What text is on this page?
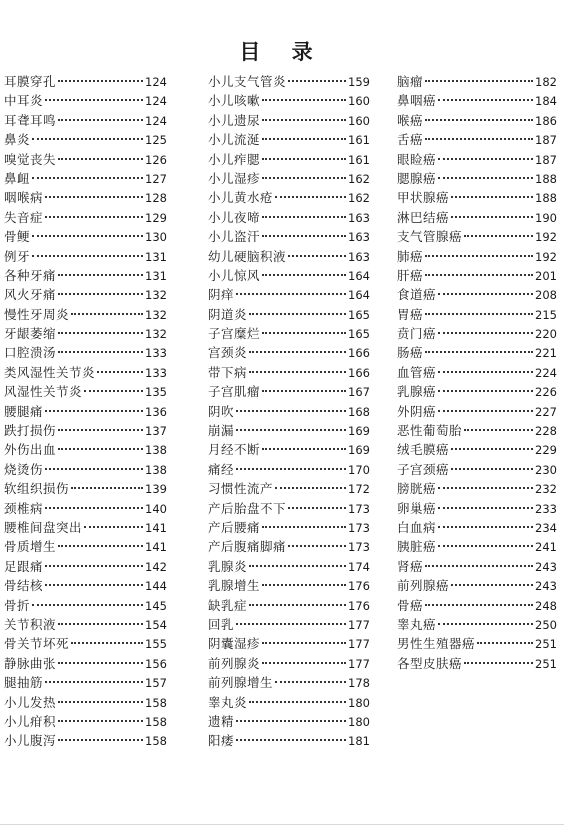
目 录
耳膜穿孔	124
中耳炎	124
耳聋耳鸣	124
鼻炎	125
嗅觉丧失	126
鼻衄	127
咽喉病	128
失音症	129
骨鲠	130
例牙	131
各种牙痛	131
风火牙痛	132
慢性牙周炎	132
牙龈萎缩	132
口腔溃汤	133
类风湿性关节炎	133
风湿性关节炎	135
腰腿痛	136
跌打损伤	137
外伤出血	138
烧烫伤	138
软组织损伤	139
颈椎病	140
腰椎间盘突出	141
骨质增生	141
足跟痛	142
骨结核	144
骨折	145
关节积液	154
骨关节坏死	155
静脉曲张	156
腿抽筋	157
小儿发热	158
小儿疳积	158
小儿腹泻	158
小儿支气管炎	159
小儿咳嗽	160
小儿遗尿	160
小儿流涎	161
小儿痄腮	161
小儿湿疹	162
小儿黄水疮	162
小儿夜啼	163
小儿盗汗	163
幼儿硬脑积液	163
小儿惊风	164
阴痒	164
阴道炎	165
子宫糜烂	165
宫颈炎	166
带下病	166
子宫肌瘤	167
阴吹	168
崩漏	169
月经不断	169
痛经	170
习惯性流产	172
产后胎盘不下	173
产后腰痛	173
产后腹痛脚痛	173
乳腺炎	174
乳腺增生	176
缺乳症	176
回乳	177
阴囊湿疹	177
前列腺炎	177
前列腺增生	178
睾丸炎	180
遗精	180
阳痿	181
脑瘤	182
鼻咽癌	184
喉癌	186
舌癌	187
眼睑癌	187
腮腺癌	188
甲状腺癌	188
淋巴结癌	190
支气管腺癌	192
肺癌	192
肝癌	201
食道癌	208
胃癌	215
贲门癌	220
肠癌	221
血管癌	224
乳腺癌	226
外阴癌	227
恶性葡萄胎	228
绒毛膜癌	229
子宫颈癌	230
膀胱癌	232
卵巢癌	233
白血病	234
胰脏癌	241
肾癌	243
前列腺癌	243
骨癌	248
睾丸癌	250
男性生殖器癌	251
各型皮肤癌	251
